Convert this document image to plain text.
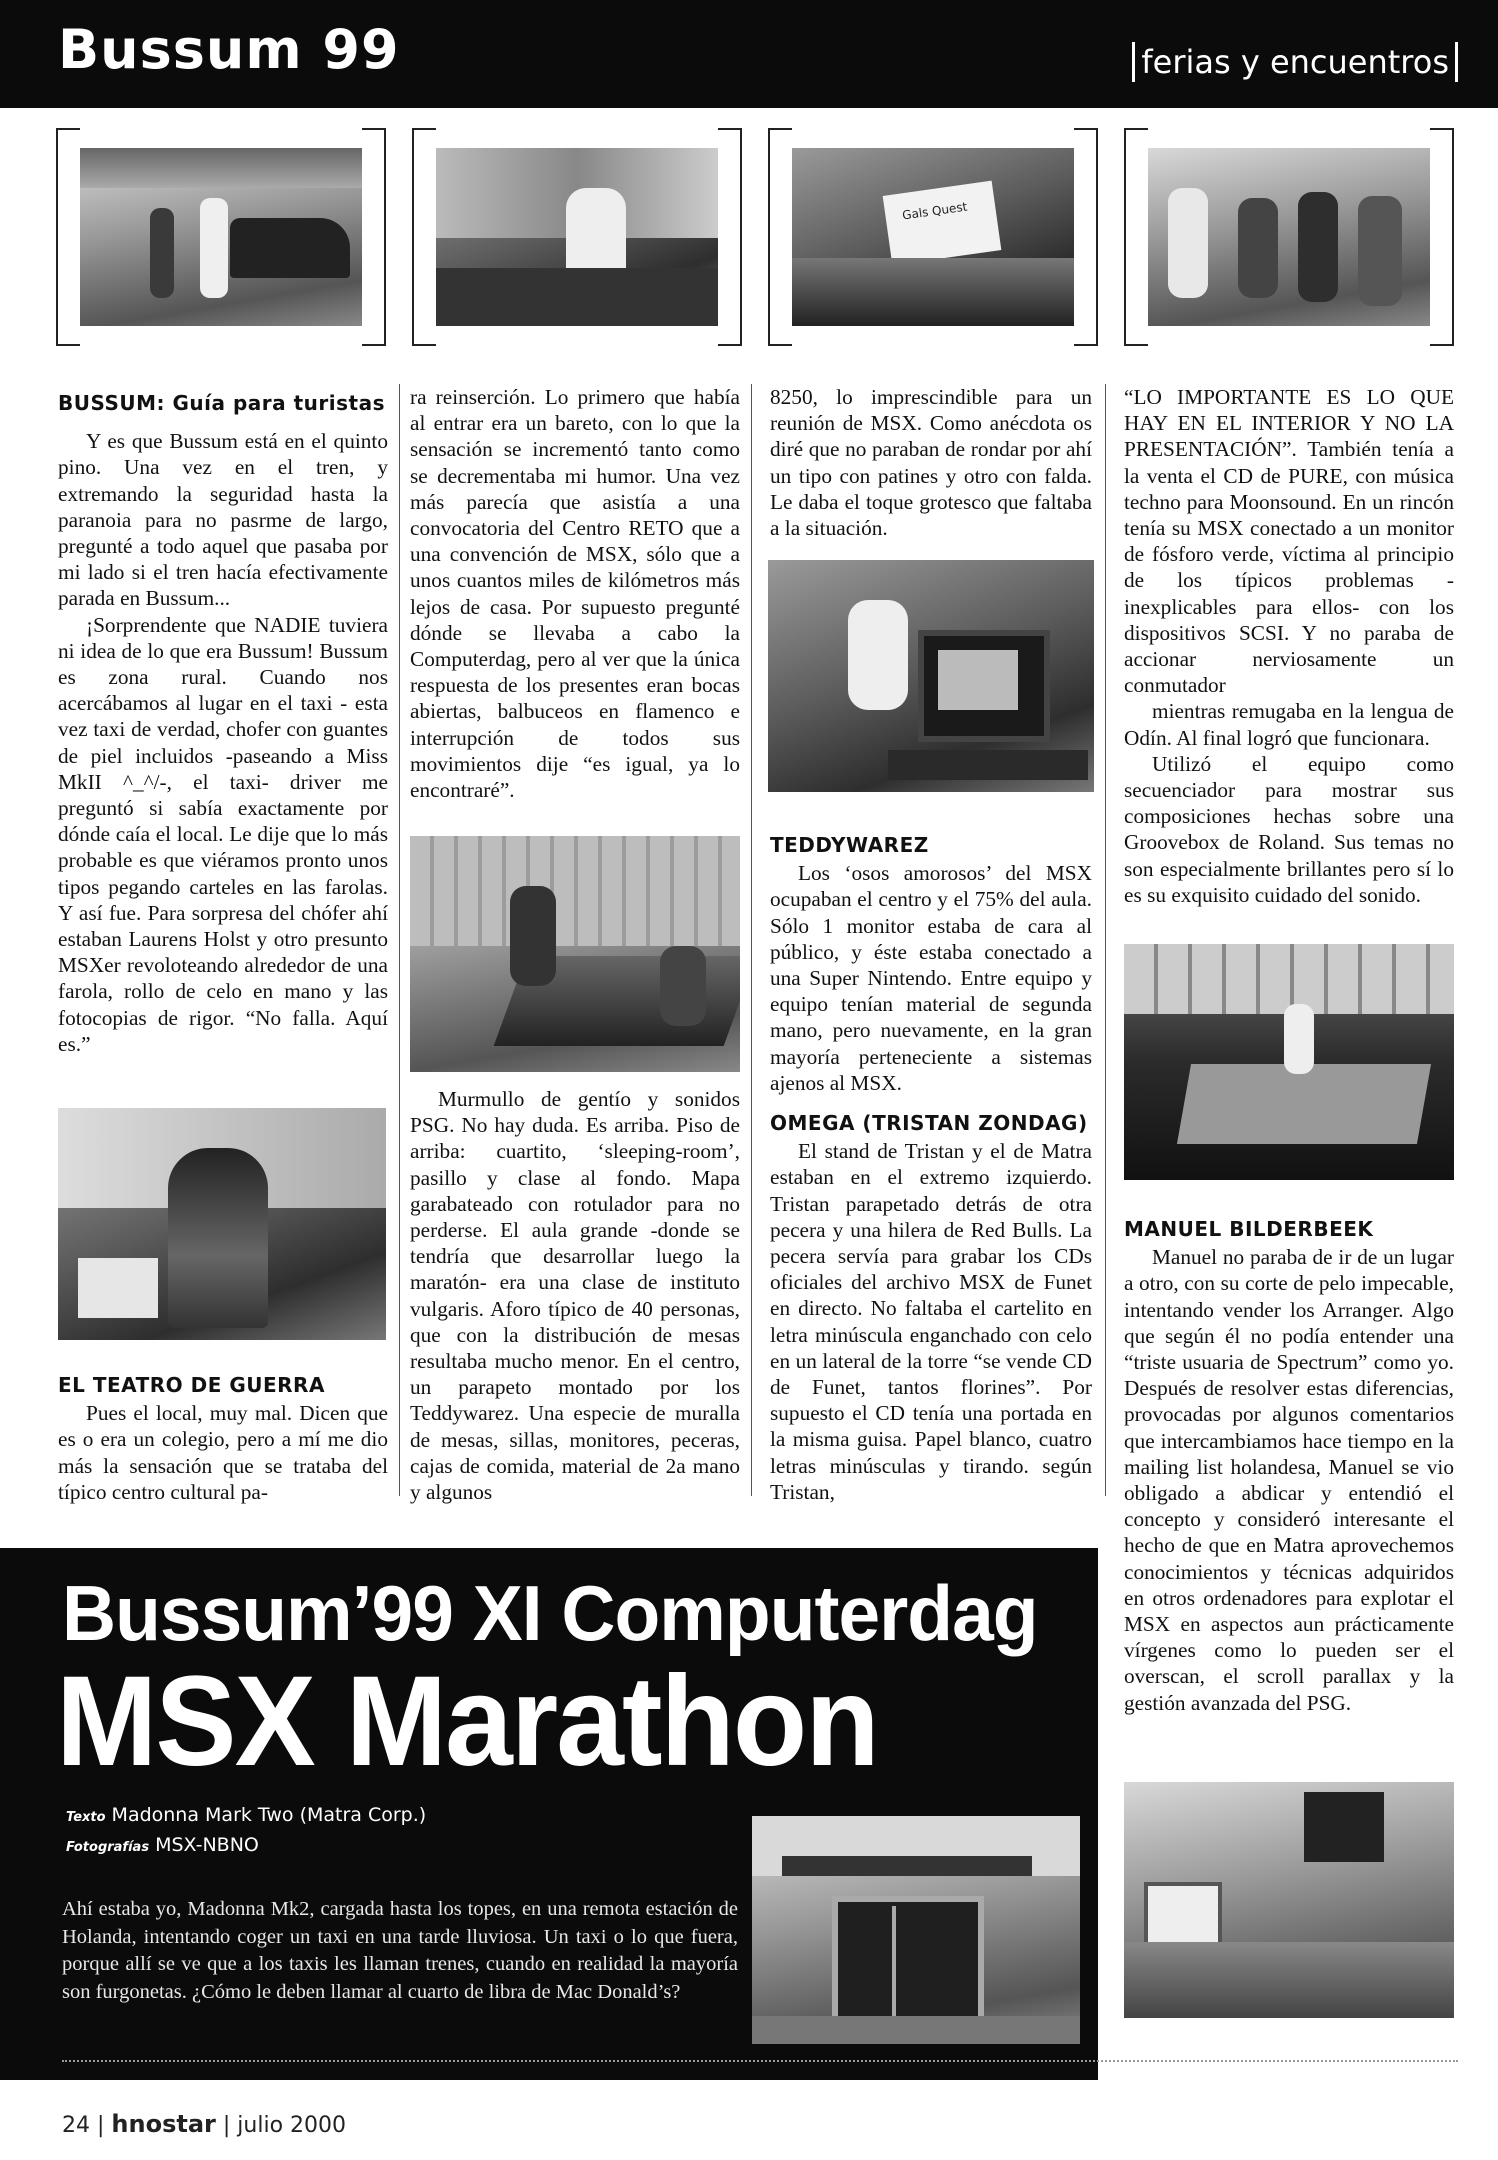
Bussum 99	ferias y encuentros
Gals Quest

BUSSUM: Guía para turistas

Y es que Bussum está en el quinto pino. Una vez en el tren, y extremando la seguridad hasta la paranoia para no pasrme de largo, pregunté a todo aquel que pasaba por mi lado si el tren hacía efectivamente parada en Bussum...

¡Sorprendente que NADIE tuviera ni idea de lo que era Bussum! Bussum es zona rural. Cuando nos acercábamos al lugar en el taxi - esta vez taxi de verdad, chofer con guantes de piel incluidos -paseando a Miss MkII ^_^/-, el taxi- driver me preguntó si sabía exactamente por dónde caía el local. Le dije que lo más probable es que viéramos pronto unos tipos pegando carteles en las farolas. Y así fue. Para sorpresa del chófer ahí estaban Laurens Holst y otro presunto MSXer revoloteando alrededor de una farola, rollo de celo en mano y las fotocopias de rigor. “No falla. Aquí es.”

EL TEATRO DE GUERRA

Pues el local, muy mal. Dicen que es o era un colegio, pero a mí me dio más la sensación que se trataba del típico centro cultural pa-

ra reinserción. Lo primero que había al entrar era un bareto, con lo que la sensación se incrementó tanto como se decrementaba mi humor. Una vez más parecía que asistía a una convocatoria del Centro RETO que a una convención de MSX, sólo que a unos cuantos miles de kilómetros más lejos de casa. Por supuesto pregunté dónde se llevaba a cabo la Computerdag, pero al ver que la única respuesta de los presentes eran bocas abiertas, balbuceos en flamenco e interrupción de todos sus movimientos dije “es igual, ya lo encontraré”.

Murmullo de gentío y sonidos PSG. No hay duda. Es arriba. Piso de arriba: cuartito, ‘sleeping-room’, pasillo y clase al fondo. Mapa garabateado con rotulador para no perderse. El aula grande -donde se tendría que desarrollar luego la maratón- era una clase de instituto vulgaris. Aforo típico de 40 personas, que con la distribución de mesas resultaba mucho menor. En el centro, un parapeto montado por los Teddywarez. Una especie de muralla de mesas, sillas, monitores, peceras, cajas de comida, material de 2a mano y algunos

8250, lo imprescindible para un reunión de MSX. Como anécdota os diré que no paraban de rondar por ahí un tipo con patines y otro con falda. Le daba el toque grotesco que faltaba a la situación.

TEDDYWAREZ

Los ‘osos amorosos’ del MSX ocupaban el centro y el 75% del aula. Sólo 1 monitor estaba de cara al público, y éste estaba conectado a una Super Nintendo. Entre equipo y equipo tenían material de segunda mano, pero nuevamente, en la gran mayoría perteneciente a sistemas ajenos al MSX.

OMEGA (TRISTAN ZONDAG)

El stand de Tristan y el de Matra estaban en el extremo izquierdo. Tristan parapetado detrás de otra pecera y una hilera de Red Bulls. La pecera servía para grabar los CDs oficiales del archivo MSX de Funet en directo. No faltaba el cartelito en letra minúscula enganchado con celo en un lateral de la torre “se vende CD de Funet, tantos florines”. Por supuesto el CD tenía una portada en la misma guisa. Papel blanco, cuatro letras minúsculas y tirando. según Tristan,

“LO IMPORTANTE ES LO QUE HAY EN EL INTERIOR Y NO LA PRESENTACIÓN”. También tenía a la venta el CD de PURE, con música techno para Moonsound. En un rincón tenía su MSX conectado a un monitor de fósforo verde, víctima al principio de los típicos problemas - inexplicables para ellos- con los dispositivos SCSI. Y no paraba de accionar nerviosamente un conmutador

mientras remugaba en la lengua de Odín. Al final logró que funcionara.

Utilizó el equipo como secuenciador para mostrar sus composiciones hechas sobre una Groovebox de Roland. Sus temas no son especialmente brillantes pero sí lo es su exquisito cuidado del sonido.

MANUEL BILDERBEEK

Manuel no paraba de ir de un lugar a otro, con su corte de pelo impecable, intentando vender los Arranger. Algo que según él no podía entender una “triste usuaria de Spectrum” como yo. Después de resolver estas diferencias, provocadas por algunos comentarios que intercambiamos hace tiempo en la mailing list holandesa, Manuel se vio obligado a abdicar y entendió el concepto y consideró interesante el hecho de que en Matra aprovechemos conocimientos y técnicas adquiridos en otros ordenadores para explotar el MSX en aspectos aun prácticamente vírgenes como lo pueden ser el overscan, el scroll parallax y la gestión avanzada del PSG.

Bussum’99 XI Computerdag
MSX Marathon
Texto Madonna Mark Two (Matra Corp.)
Fotografías MSX-NBNO
Ahí estaba yo, Madonna Mk2, cargada hasta los topes, en una remota estación de Holanda, intentando coger un taxi en una tarde lluviosa. Un taxi o lo que fuera, porque allí se ve que a los taxis les llaman trenes, cuando en realidad la mayoría son furgonetas. ¿Cómo le deben llamar al cuarto de libra de Mac Donald’s?
24 | hnostar | julio 2000
